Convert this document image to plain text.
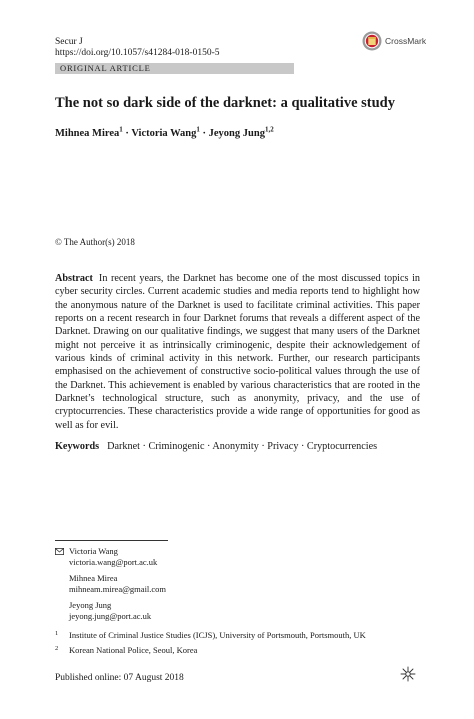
Secur J
https://doi.org/10.1057/s41284-018-0150-5
CrossMark
ORIGINAL ARTICLE
The not so dark side of the darknet: a qualitative study
Mihnea Mirea$^1$ · Victoria Wang$^1$ · Jeyong Jung$^{1,2}$
© The Author(s) 2018
Abstract In recent years, the Darknet has become one of the most discussed topics in cyber security circles. Current academic studies and media reports tend to highlight how the anonymous nature of the Darknet is used to facilitate criminal activities. This paper reports on a recent research in four Darknet forums that reveals a different aspect of the Darknet. Drawing on our qualitative findings, we suggest that many users of the Darknet might not perceive it as intrinsically criminogenic, despite their acknowledgement of various kinds of criminal activity in this network. Further, our research participants emphasised on the achievement of constructive socio-political values through the use of the Darknet. This achievement is enabled by various characteristics that are rooted in the Darknet’s technological structure, such as anonymity, privacy, and the use of cryptocurrencies. These characteristics provide a wide range of opportunities for good as well as for evil.
Keywords Darknet · Criminogenic · Anonymity · Privacy · Cryptocurrencies
Victoria Wang
victoria.wang@port.ac.uk
Mihnea Mirea
mihneam.mirea@gmail.com
Jeyong Jung
jeyong.jung@port.ac.uk
1 Institute of Criminal Justice Studies (ICJS), University of Portsmouth, Portsmouth, UK
2 Korean National Police, Seoul, Korea
Published online: 07 August 2018
